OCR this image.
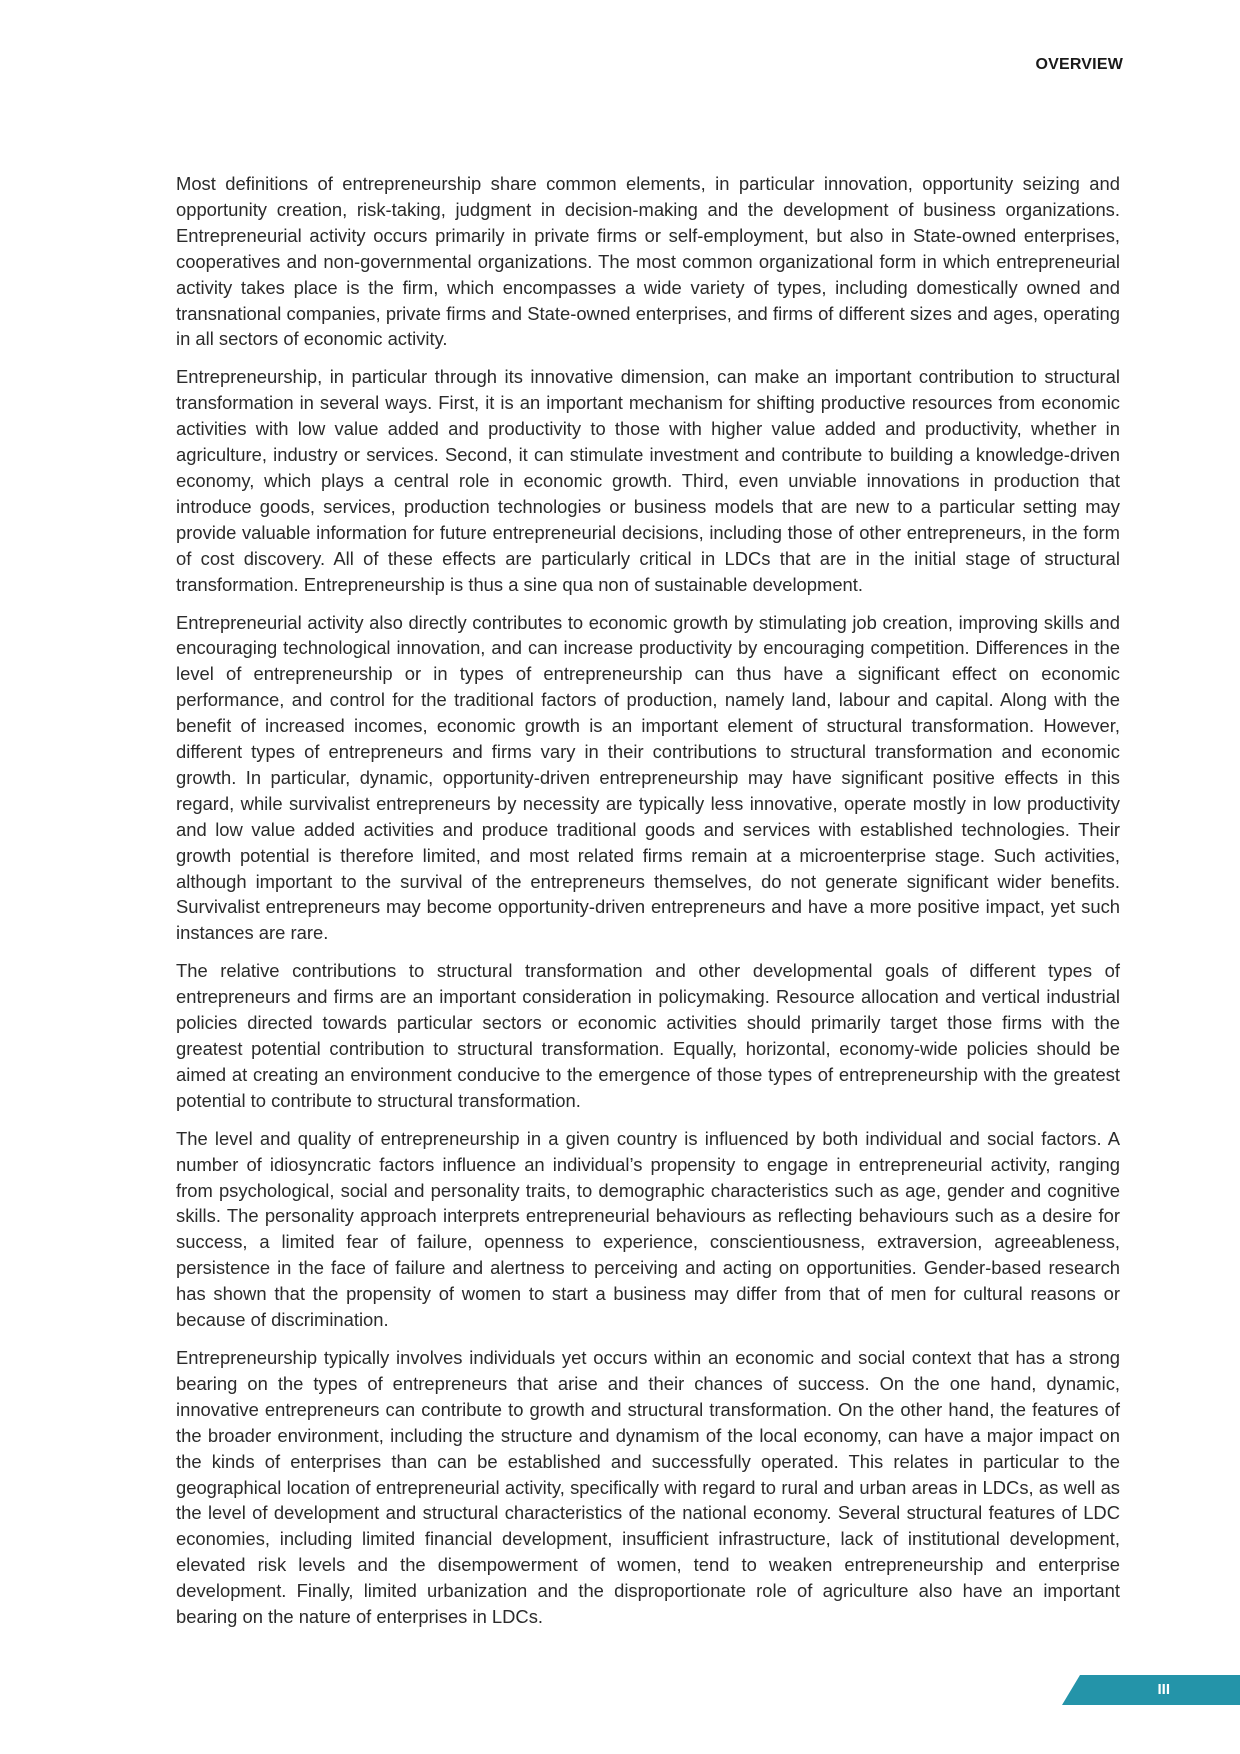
OVERVIEW

Most definitions of entrepreneurship share common elements, in particular innovation, opportunity seizing and opportunity creation, risk-taking, judgment in decision-making and the development of business organizations. Entrepreneurial activity occurs primarily in private firms or self-employment, but also in State-owned enterprises, cooperatives and non-governmental organizations. The most common organizational form in which entrepreneurial activity takes place is the firm, which encompasses a wide variety of types, including domestically owned and transnational companies, private firms and State-owned enterprises, and firms of different sizes and ages, operating in all sectors of economic activity.

Entrepreneurship, in particular through its innovative dimension, can make an important contribution to structural transformation in several ways. First, it is an important mechanism for shifting productive resources from economic activities with low value added and productivity to those with higher value added and productivity, whether in agriculture, industry or services. Second, it can stimulate investment and contribute to building a knowledge-driven economy, which plays a central role in economic growth. Third, even unviable innovations in production that introduce goods, services, production technologies or business models that are new to a particular setting may provide valuable information for future entrepreneurial decisions, including those of other entrepreneurs, in the form of cost discovery. All of these effects are particularly critical in LDCs that are in the initial stage of structural transformation. Entrepreneurship is thus a sine qua non of sustainable development.

Entrepreneurial activity also directly contributes to economic growth by stimulating job creation, improving skills and encouraging technological innovation, and can increase productivity by encouraging competition. Differences in the level of entrepreneurship or in types of entrepreneurship can thus have a significant effect on economic performance, and control for the traditional factors of production, namely land, labour and capital. Along with the benefit of increased incomes, economic growth is an important element of structural transformation. However, different types of entrepreneurs and firms vary in their contributions to structural transformation and economic growth. In particular, dynamic, opportunity-driven entrepreneurship may have significant positive effects in this regard, while survivalist entrepreneurs by necessity are typically less innovative, operate mostly in low productivity and low value added activities and produce traditional goods and services with established technologies. Their growth potential is therefore limited, and most related firms remain at a microenterprise stage. Such activities, although important to the survival of the entrepreneurs themselves, do not generate significant wider benefits. Survivalist entrepreneurs may become opportunity-driven entrepreneurs and have a more positive impact, yet such instances are rare.

The relative contributions to structural transformation and other developmental goals of different types of entrepreneurs and firms are an important consideration in policymaking. Resource allocation and vertical industrial policies directed towards particular sectors or economic activities should primarily target those firms with the greatest potential contribution to structural transformation. Equally, horizontal, economy-wide policies should be aimed at creating an environment conducive to the emergence of those types of entrepreneurship with the greatest potential to contribute to structural transformation.

The level and quality of entrepreneurship in a given country is influenced by both individual and social factors. A number of idiosyncratic factors influence an individual’s propensity to engage in entrepreneurial activity, ranging from psychological, social and personality traits, to demographic characteristics such as age, gender and cognitive skills. The personality approach interprets entrepreneurial behaviours as reflecting behaviours such as a desire for success, a limited fear of failure, openness to experience, conscientiousness, extraversion, agreeableness, persistence in the face of failure and alertness to perceiving and acting on opportunities. Gender-based research has shown that the propensity of women to start a business may differ from that of men for cultural reasons or because of discrimination.

Entrepreneurship typically involves individuals yet occurs within an economic and social context that has a strong bearing on the types of entrepreneurs that arise and their chances of success. On the one hand, dynamic, innovative entrepreneurs can contribute to growth and structural transformation. On the other hand, the features of the broader environment, including the structure and dynamism of the local economy, can have a major impact on the kinds of enterprises than can be established and successfully operated. This relates in particular to the geographical location of entrepreneurial activity, specifically with regard to rural and urban areas in LDCs, as well as the level of development and structural characteristics of the national economy. Several structural features of LDC economies, including limited financial development, insufficient infrastructure, lack of institutional development, elevated risk levels and the disempowerment of women, tend to weaken entrepreneurship and enterprise development. Finally, limited urbanization and the disproportionate role of agriculture also have an important bearing on the nature of enterprises in LDCs.

III
